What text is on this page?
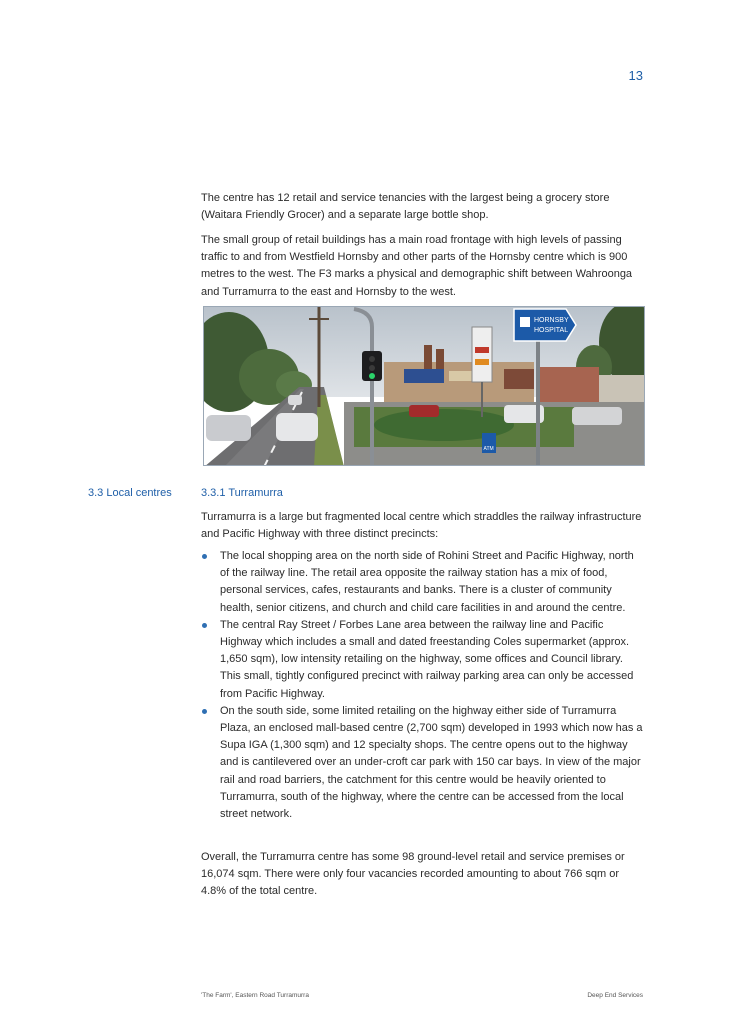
13

The centre has 12 retail and service tenancies with the largest being a grocery store (Waitara Friendly Grocer) and a separate large bottle shop.

The small group of retail buildings has a main road frontage with high levels of passing traffic to and from Westfield Hornsby and other parts of the Hornsby centre which is 900 metres to the west. The F3 marks a physical and demographic shift between Wahroonga and Turramurra to the east and Hornsby to the west.

HORNSBY
HOSPITAL
ATM
3.3 Local centres	3.3.1 Turramurra

Turramurra is a large but fragmented local centre which straddles the railway infrastructure and Pacific Highway with three distinct precincts:

The local shopping area on the north side of Rohini Street and Pacific Highway, north of the railway line. The retail area opposite the railway station has a mix of food, personal services, cafes, restaurants and banks. There is a cluster of community health, senior citizens, and church and child care facilities in and around the centre.
The central Ray Street / Forbes Lane area between the railway line and Pacific Highway which includes a small and dated freestanding Coles supermarket (approx. 1,650 sqm), low intensity retailing on the highway, some offices and Council library. This small, tightly configured precinct with railway parking area can only be accessed from Pacific Highway.
On the south side, some limited retailing on the highway either side of Turramurra Plaza, an enclosed mall-based centre (2,700 sqm) developed in 1993 which now has a Supa IGA (1,300 sqm) and 12 specialty shops. The centre opens out to the highway and is cantilevered over an under-croft car park with 150 car bays. In view of the major rail and road barriers, the catchment for this centre would be heavily oriented to Turramurra, south of the highway, where the centre can be accessed from the local street network.

Overall, the Turramurra centre has some 98 ground-level retail and service premises or 16,074 sqm. There were only four vacancies recorded amounting to about 766 sqm or 4.8% of the total centre.

'The Farm', Eastern Road Turramurra	Deep End Services
